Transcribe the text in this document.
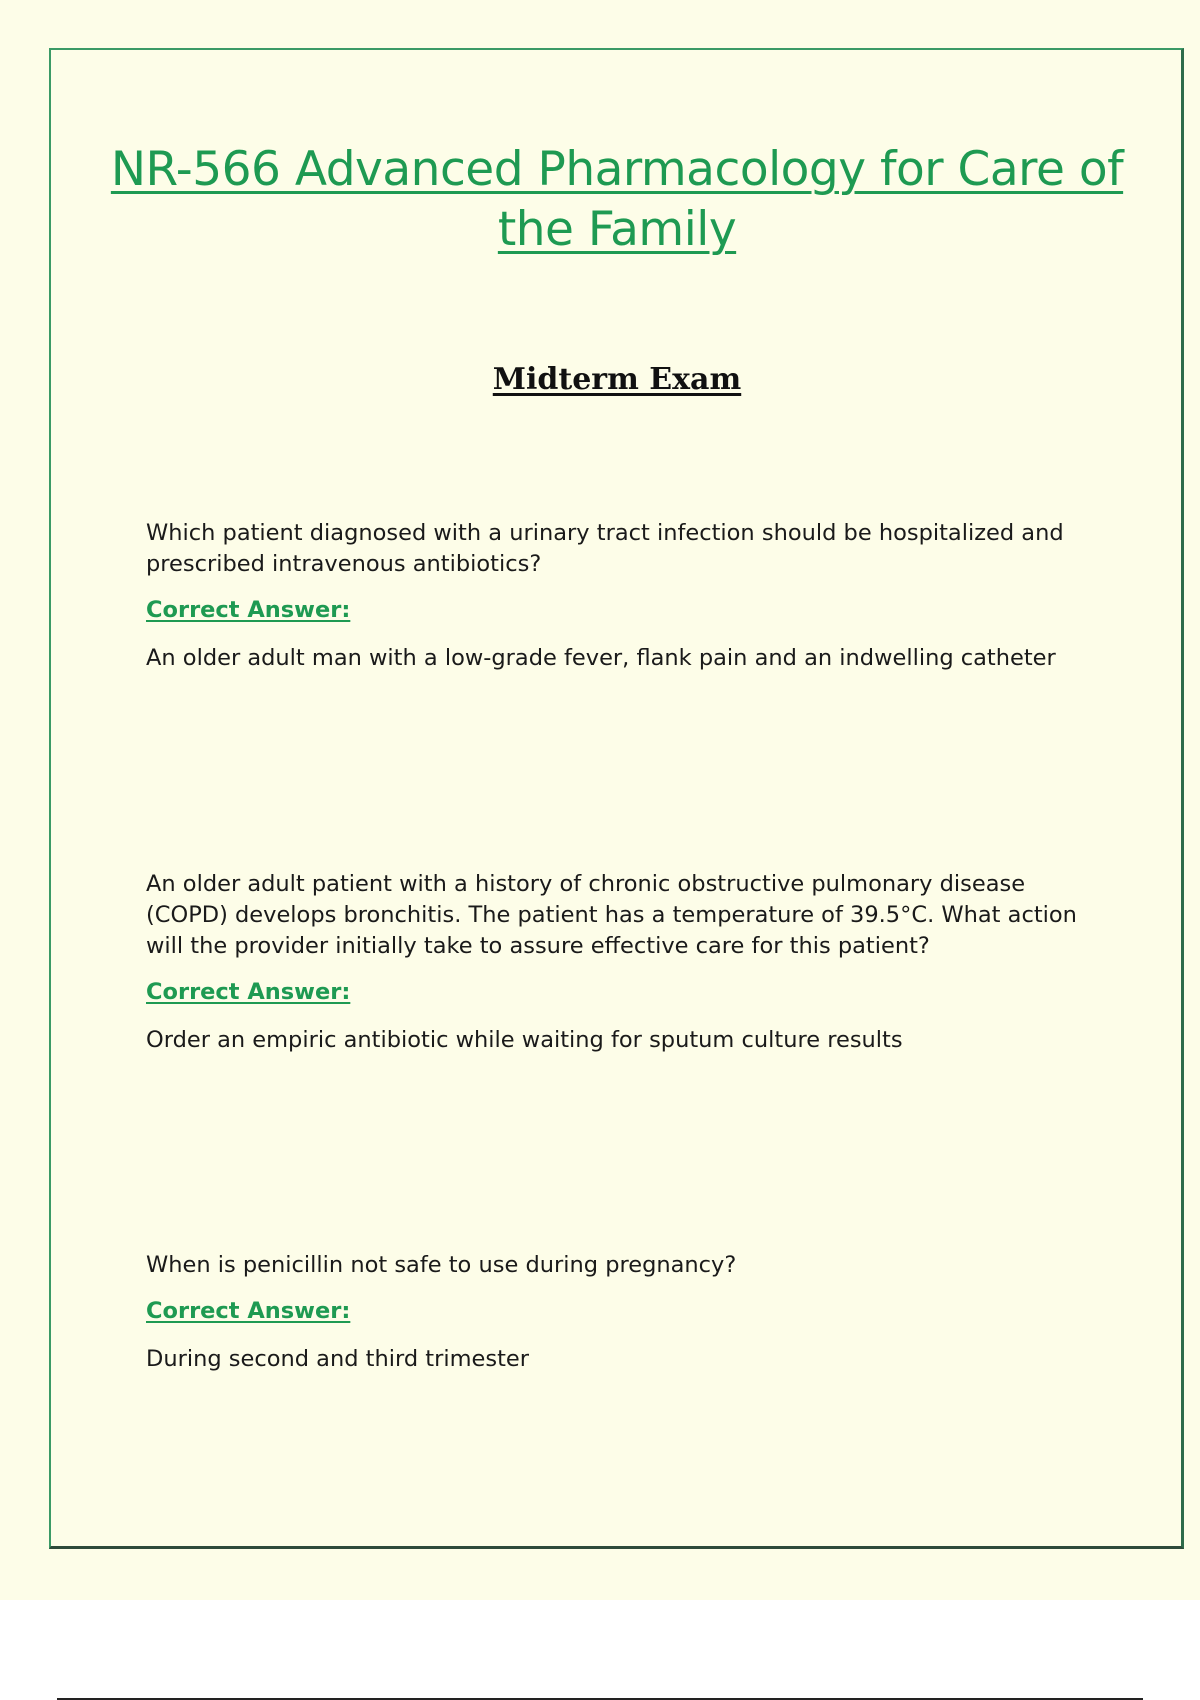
NR-566 Advanced Pharmacology for Care of the Family
Midterm Exam

Which patient diagnosed with a urinary tract infection should be hospitalized and prescribed intravenous antibiotics?

Correct Answer:

An older adult man with a low-grade fever, flank pain and an indwelling catheter

An older adult patient with a history of chronic obstructive pulmonary disease (COPD) develops bronchitis. The patient has a temperature of 39.5°C. What action will the provider initially take to assure effective care for this patient?

Correct Answer:

Order an empiric antibiotic while waiting for sputum culture results

When is penicillin not safe to use during pregnancy?

Correct Answer:

During second and third trimester
